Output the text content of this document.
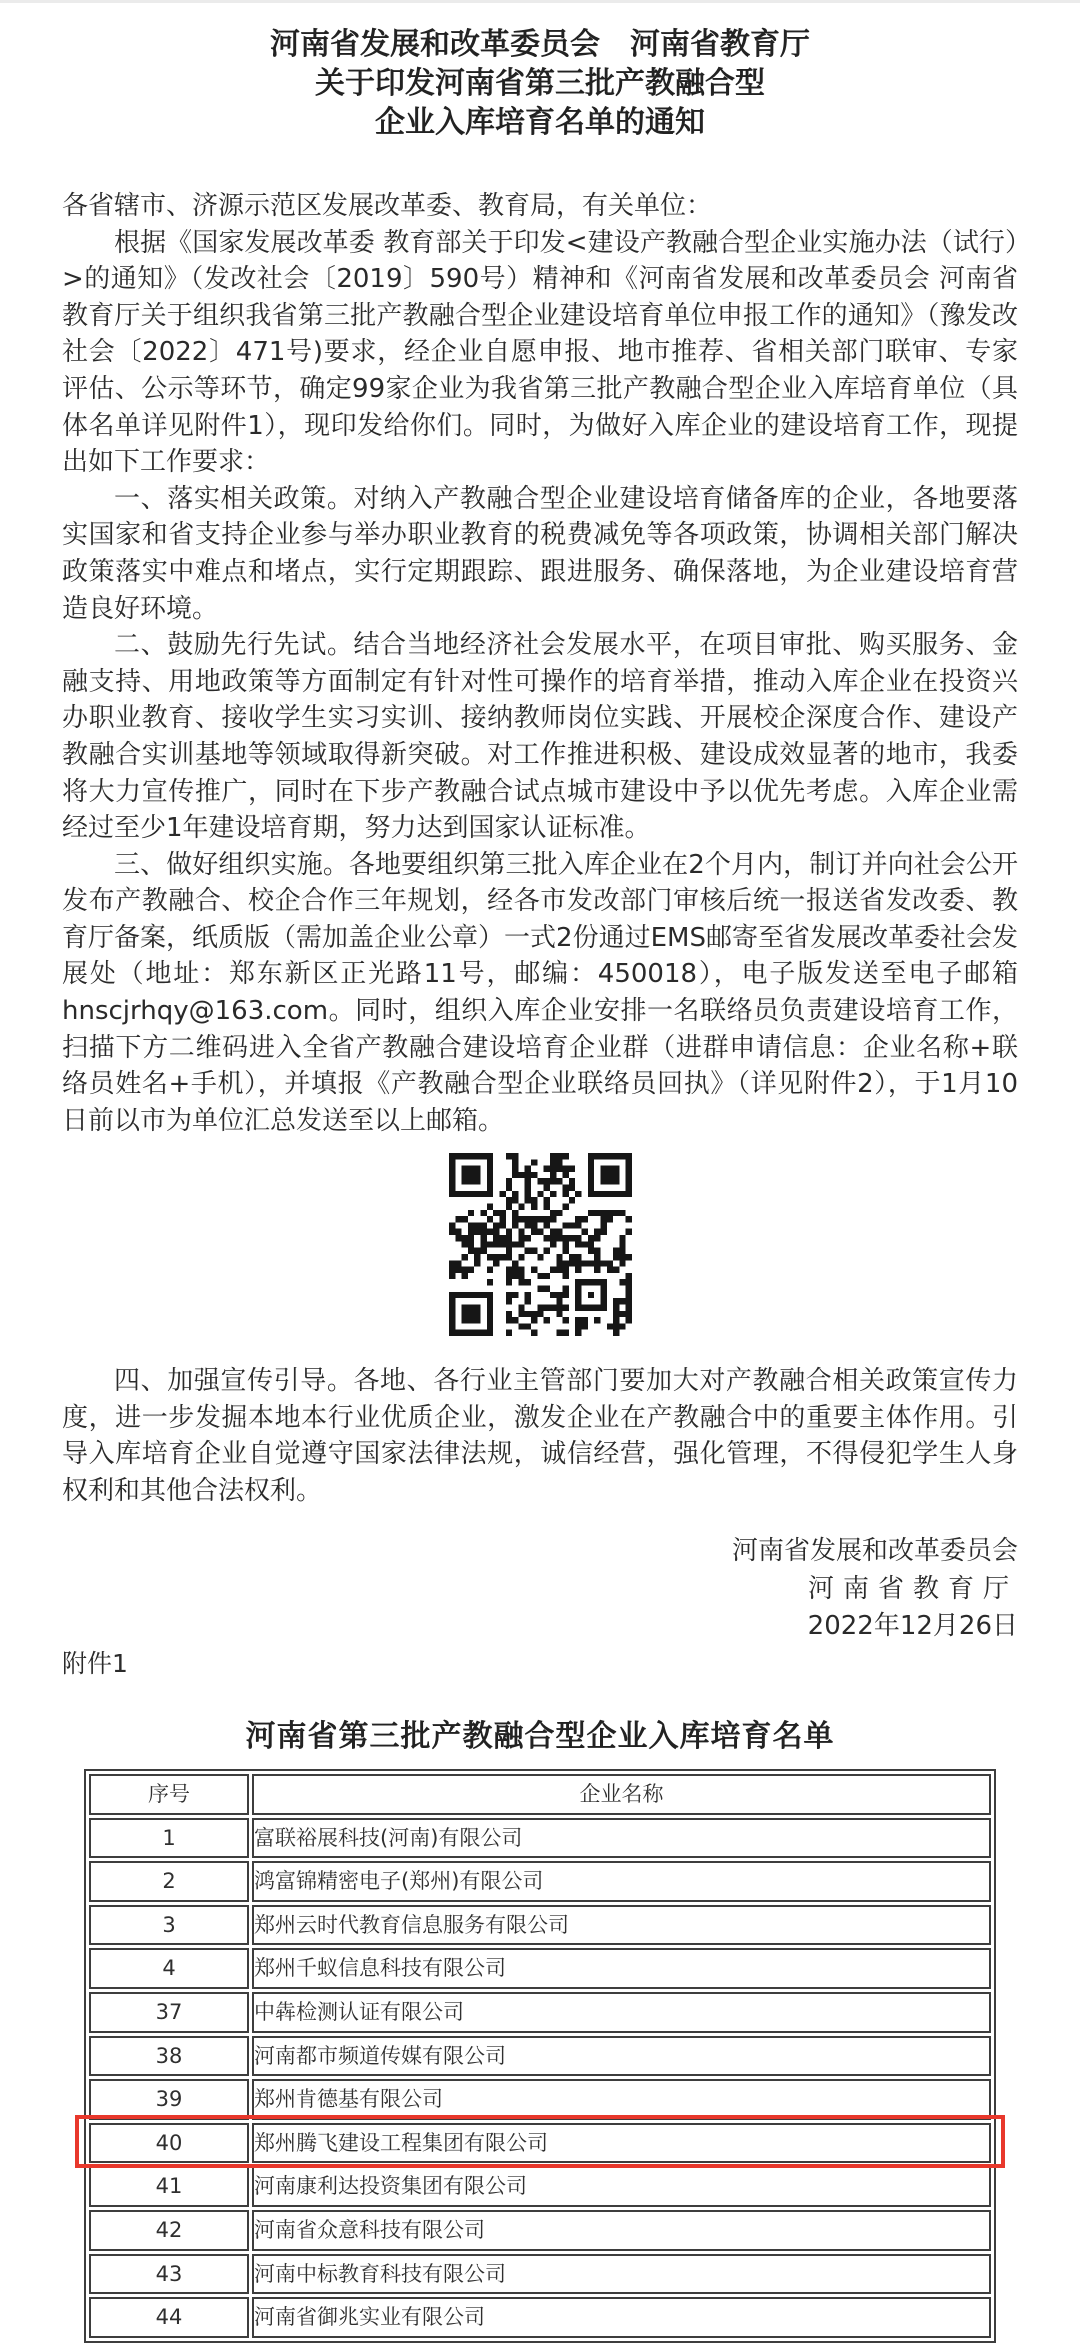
河南省发展和改革委员会　河南省教育厅
关于印发河南省第三批产教融合型
企业入库培育名单的通知

各省辖市、济源示范区发展改革委、教育局，有关单位：

根据《国家发展改革委 教育部关于印发<建设产教融合型企业实施办法（试行）>的通知》（发改社会〔2019〕590号）精神和《河南省发展和改革委员会 河南省教育厅关于组织我省第三批产教融合型企业建设培育单位申报工作的通知》（豫发改社会〔2022〕471号)要求，经企业自愿申报、地市推荐、省相关部门联审、专家评估、公示等环节，确定99家企业为我省第三批产教融合型企业入库培育单位（具体名单详见附件1），现印发给你们。同时，为做好入库企业的建设培育工作，现提出如下工作要求：

一、落实相关政策。对纳入产教融合型企业建设培育储备库的企业，各地要落实国家和省支持企业参与举办职业教育的税费减免等各项政策，协调相关部门解决政策落实中难点和堵点，实行定期跟踪、跟进服务、确保落地，为企业建设培育营造良好环境。

二、鼓励先行先试。结合当地经济社会发展水平，在项目审批、购买服务、金融支持、用地政策等方面制定有针对性可操作的培育举措，推动入库企业在投资兴办职业教育、接收学生实习实训、接纳教师岗位实践、开展校企深度合作、建设产教融合实训基地等领域取得新突破。对工作推进积极、建设成效显著的地市，我委将大力宣传推广，同时在下步产教融合试点城市建设中予以优先考虑。入库企业需经过至少1年建设培育期，努力达到国家认证标准。

三、做好组织实施。各地要组织第三批入库企业在2个月内，制订并向社会公开发布产教融合、校企合作三年规划，经各市发改部门审核后统一报送省发改委、教育厅备案，纸质版（需加盖企业公章）一式2份通过EMS邮寄至省发展改革委社会发展处（地址：郑东新区正光路11号，邮编：450018），电子版发送至电子邮箱hnscjrhqy@163.com。同时，组织入库企业安排一名联络员负责建设培育工作，扫描下方二维码进入全省产教融合建设培育企业群（进群申请信息：企业名称+联络员姓名+手机），并填报《产教融合型企业联络员回执》（详见附件2），于1月10日前以市为单位汇总发送至以上邮箱。

四、加强宣传引导。各地、各行业主管部门要加大对产教融合相关政策宣传力度，进一步发掘本地本行业优质企业，激发企业在产教融合中的重要主体作用。引导入库培育企业自觉遵守国家法律法规，诚信经营，强化管理，不得侵犯学生人身权利和其他合法权利。

河南省发展和改革委员会
河南省教育厅
2022年12月26日

附件1

河南省第三批产教融合型企业入库培育名单
序号	企业名称
1	富联裕展科技(河南)有限公司
2	鸿富锦精密电子(郑州)有限公司
3	郑州云时代教育信息服务有限公司
4	郑州千蚁信息科技有限公司
37	中犇检测认证有限公司
38	河南都市频道传媒有限公司
39	郑州肯德基有限公司
40	郑州腾飞建设工程集团有限公司
41	河南康利达投资集团有限公司
42	河南省众意科技有限公司
43	河南中标教育科技有限公司
44	河南省御兆实业有限公司
